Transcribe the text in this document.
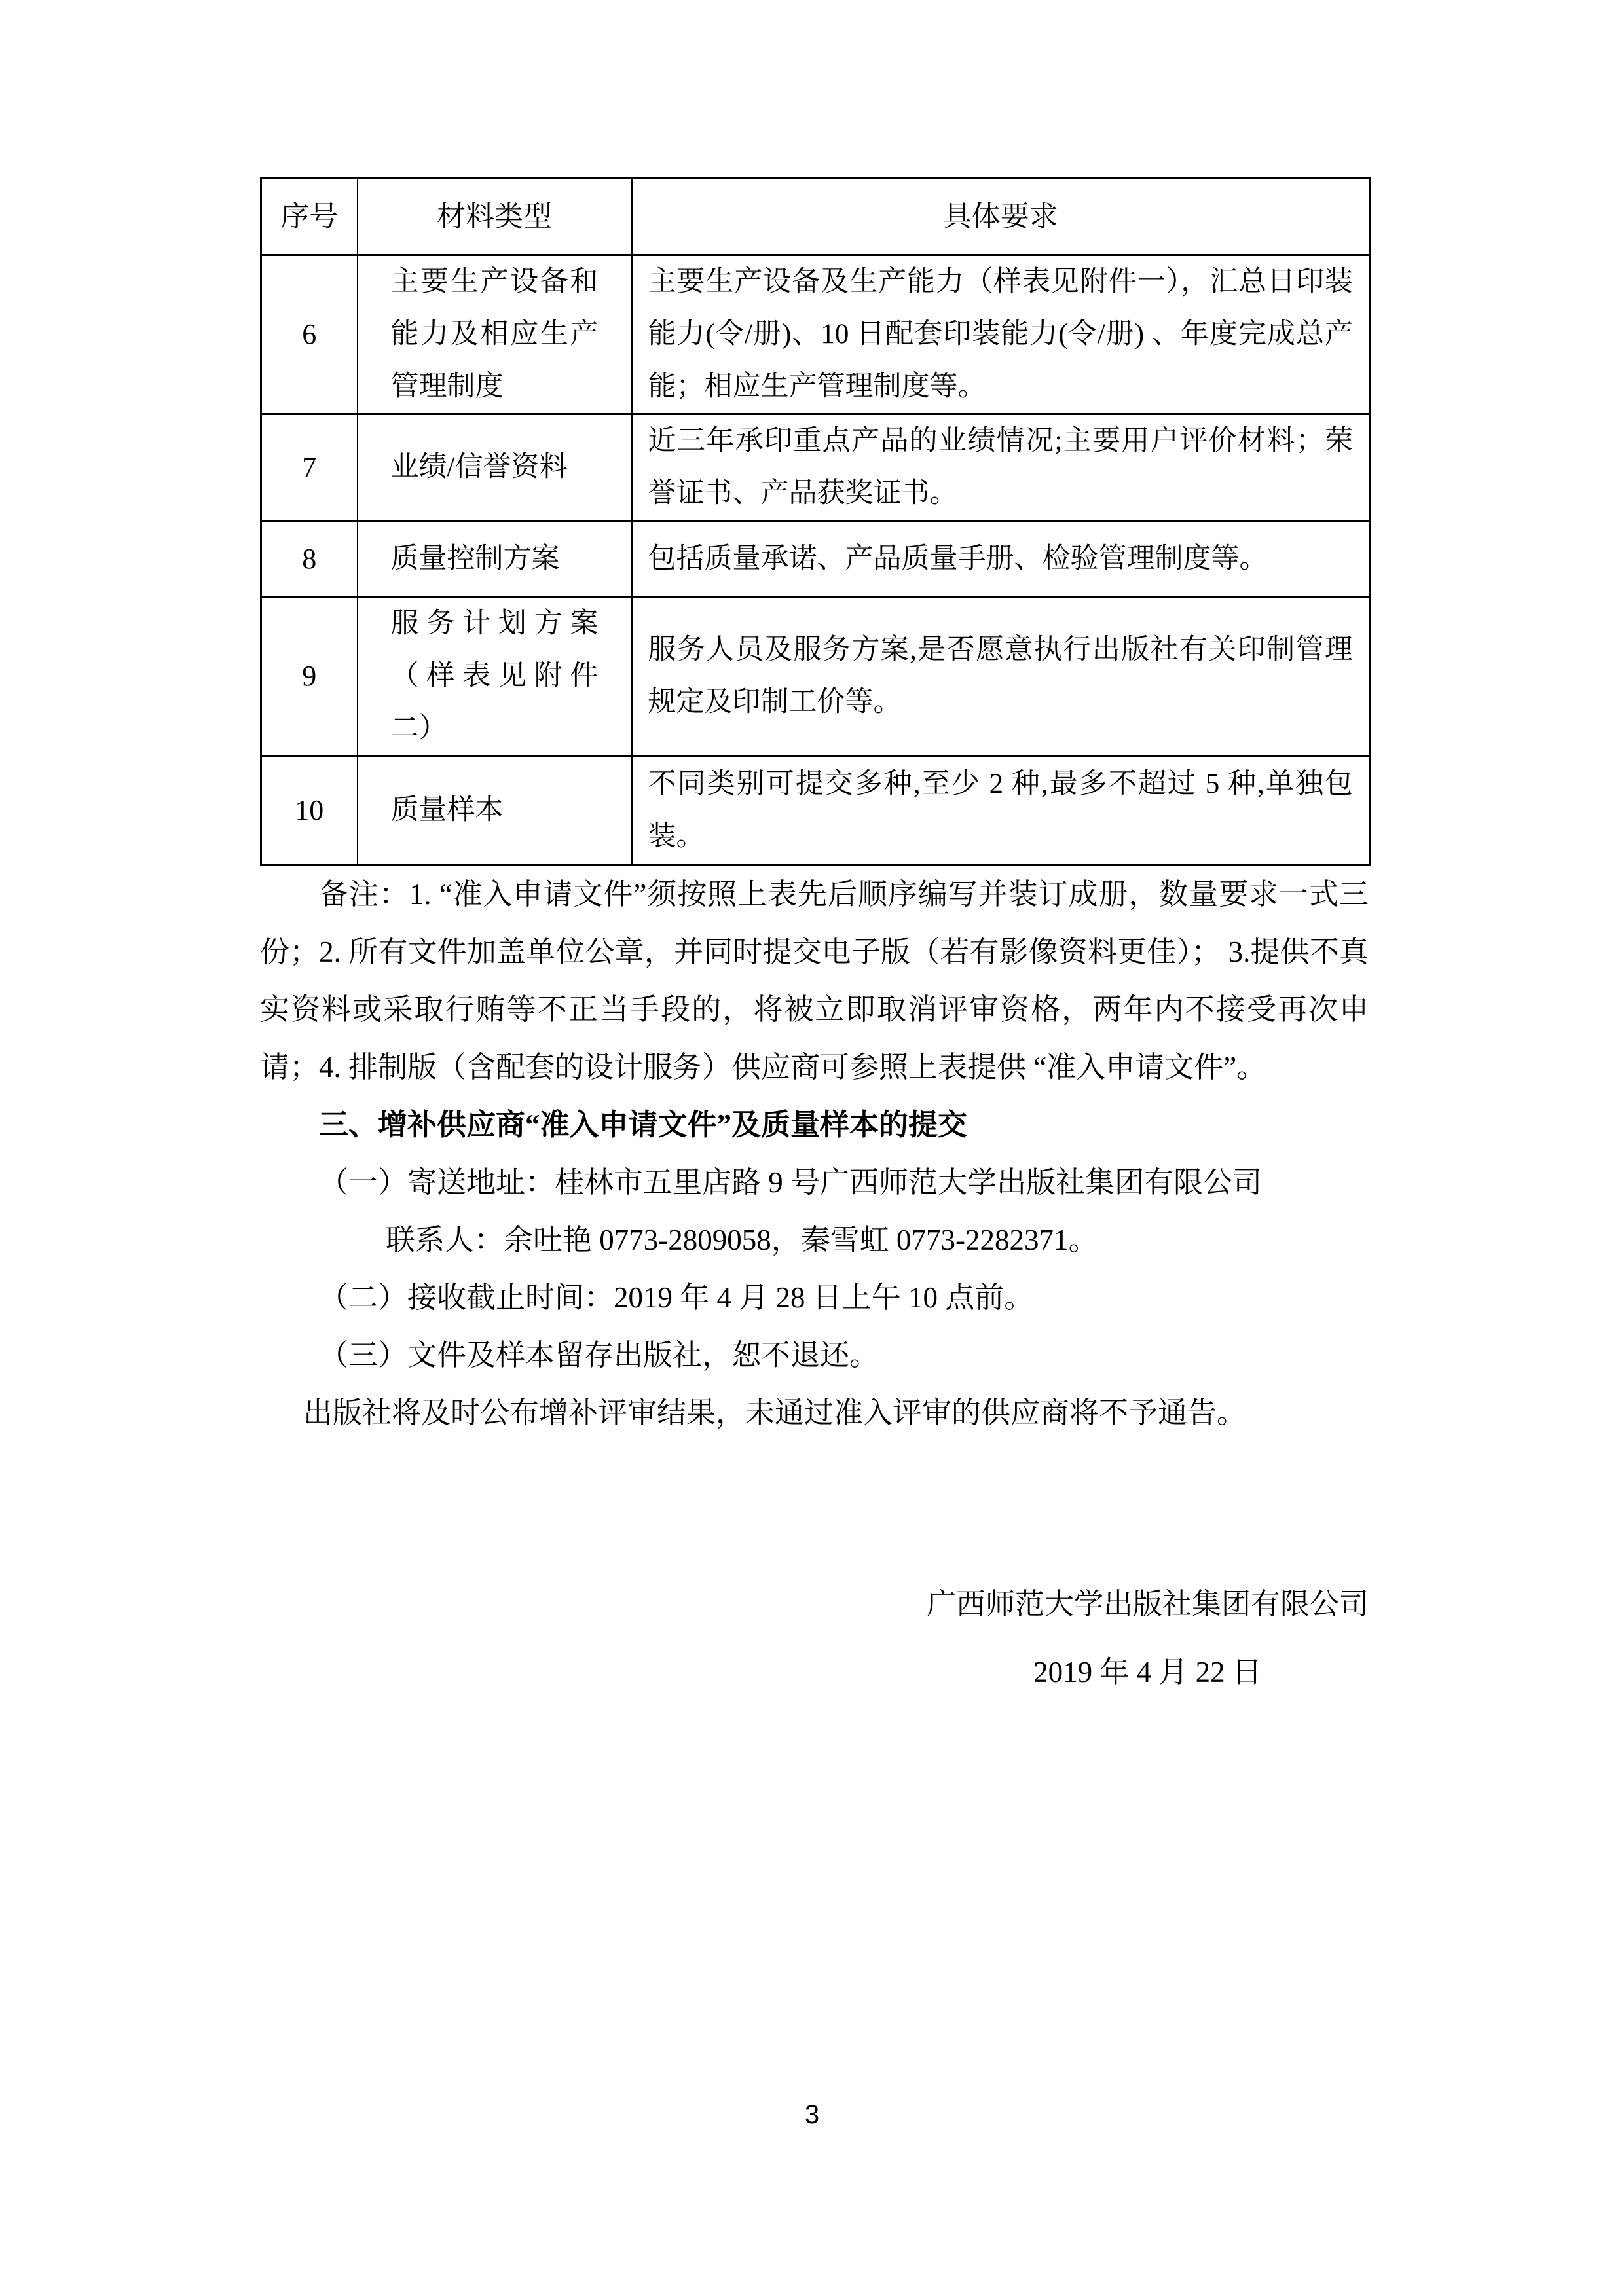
序号	材料类型	具体要求
6	主要生产设备和能力及相应生产管理制度	主要生产设备及生产能力（样表见附件一），汇总日印装能力(令/册)、10 日配套印装能力(令/册) 、年度完成总产能；相应生产管理制度等。
7	业绩/信誉资料	近三年承印重点产品的业绩情况;主要用户评价材料；荣誉证书、产品获奖证书。
8	质量控制方案	包括质量承诺、产品质量手册、检验管理制度等。
9	服务计划方案（样表见附件二）	服务人员及服务方案,是否愿意执行出版社有关印制管理规定及印制工价等。
10	质量样本	不同类别可提交多种,至少 2 种,最多不超过 5 种,单独包装。

备注：1. “准入申请文件”须按照上表先后顺序编写并装订成册，数量要求一式三份；2. 所有文件加盖单位公章，并同时提交电子版（若有影像资料更佳）； 3.提供不真实资料或采取行贿等不正当手段的，将被立即取消评审资格，两年内不接受再次申请；4. 排制版（含配套的设计服务）供应商可参照上表提供 “准入申请文件”。

三、增补供应商“准入申请文件”及质量样本的提交

（一）寄送地址：桂林市五里店路 9 号广西师范大学出版社集团有限公司

联系人：余吐艳 0773-2809058，秦雪虹 0773-2282371。

（二）接收截止时间：2019 年 4 月 28 日上午 10 点前。

（三）文件及样本留存出版社，恕不退还。

出版社将及时公布增补评审结果，未通过准入评审的供应商将不予通告。

广西师范大学出版社集团有限公司
2019 年 4 月 22 日
3
